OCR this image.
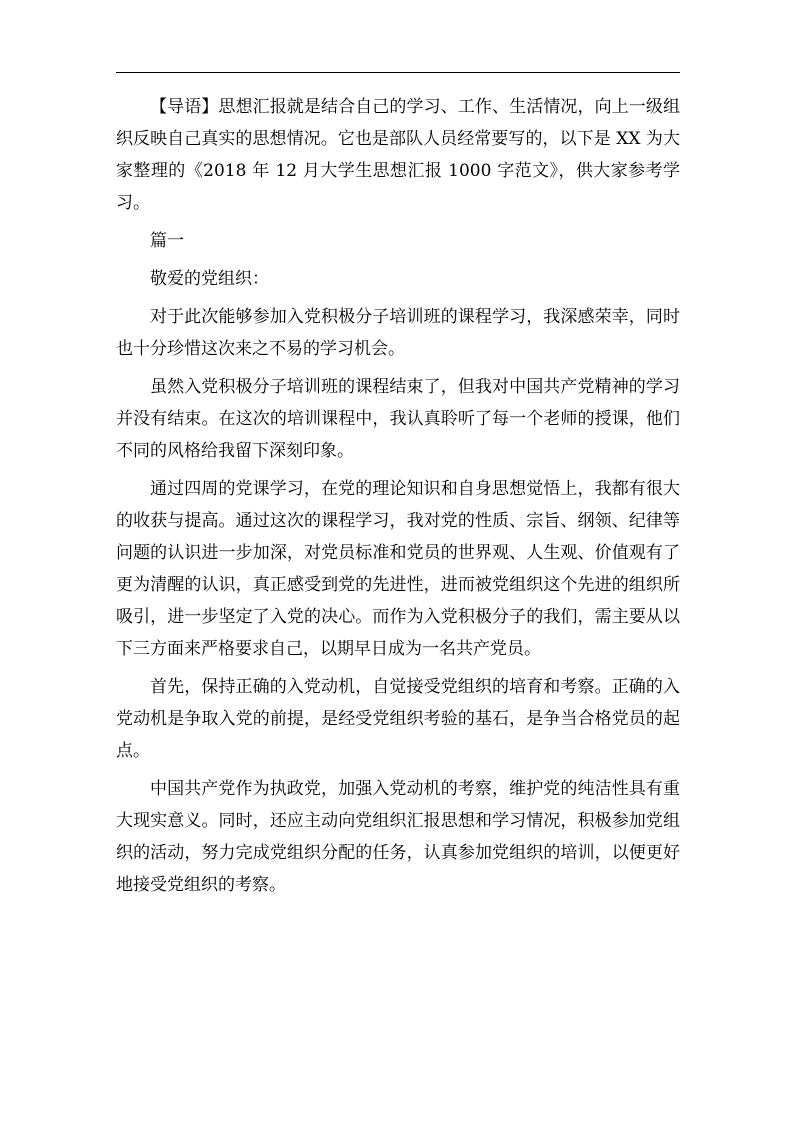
【导语】思想汇报就是结合自己的学习、工作、生活情况，向上一级组织反映自己真实的思想情况。它也是部队人员经常要写的，以下是 XX 为大家整理的《2018 年 12 月大学生思想汇报 1000 字范文》，供大家参考学习。

篇一

敬爱的党组织：

对于此次能够参加入党积极分子培训班的课程学习，我深感荣幸，同时也十分珍惜这次来之不易的学习机会。

虽然入党积极分子培训班的课程结束了，但我对中国共产党精神的学习并没有结束。在这次的培训课程中，我认真聆听了每一个老师的授课，他们不同的风格给我留下深刻印象。

通过四周的党课学习，在党的理论知识和自身思想觉悟上，我都有很大的收获与提高。通过这次的课程学习，我对党的性质、宗旨、纲领、纪律等问题的认识进一步加深，对党员标准和党员的世界观、人生观、价值观有了更为清醒的认识，真正感受到党的先进性，进而被党组织这个先进的组织所吸引，进一步坚定了入党的决心。而作为入党积极分子的我们，需主要从以下三方面来严格要求自己，以期早日成为一名共产党员。

首先，保持正确的入党动机，自觉接受党组织的培育和考察。正确的入党动机是争取入党的前提，是经受党组织考验的基石，是争当合格党员的起点。

中国共产党作为执政党，加强入党动机的考察，维护党的纯洁性具有重大现实意义。同时，还应主动向党组织汇报思想和学习情况，积极参加党组织的活动，努力完成党组织分配的任务，认真参加党组织的培训，以便更好地接受党组织的考察。
